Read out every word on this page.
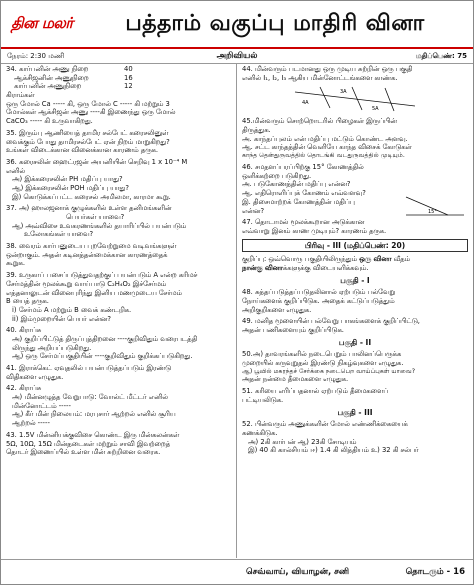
தின மலர்	பத்தாம் வகுப்பு மாதிரி வினா
நேரம்: 2:30 மணி	அறிவியல்	மதிப்பெண்: 75
34. கார்பனின் அணு நிறை	40
ஆக்சிஜனின் அணுநிறை	16
கார்பனின் அணுநிறை	12
கிராம்கள்
ஒரு மோல் Ca ----- கி, ஒரு மோல் C ----- கி மற்றும் 3
மோல்கள் ஆக்சிஜன் அணு ----கி இணைந்து ஒரு மோல்
CaCO₃ ----- கி உருவாகிறது.
35. இரும்பு ஆணியைத் தாமிர சல்பேட் கரைசலினுள்
வைக்கும் போது தாமிரசல்பேட் ஏன் நிறம் மாறுகிறது?
உங்கள் விடைக்கான வினைக்கான காரணம் தருக.
36. கரைசலின் ஹைட்ரஜன் அயனியின் செறிவு 1 x 10⁻⁴ M
எனில்
அ) இக்கரைசலின் PH மதிப்பு யாது?
ஆ) இக்கரைசலின் POH மதிப்பு யாது?
இ) கொடுக்கப்பட்ட கரைசல் அமிலமா, காரமா கூறு.
37. அ) ஹாலஜனாக் குழுக்களில் உள்ள தனிமங்களின்
பெயர்கள் யாவை?
ஆ) அவ்விசை உவகரணங்களில் தயாரிப்பில் பயன்படும்
உலோகங்கள் யாவை?
38. வைரம் கார்பனுடைய புறவேற்றுமை வடிவங்களுள்
ஒன்றாகும். அதன் கடினத்தன்மைக்கான காரணத்தைக்
கூறுக.
39. உருகாப் பசைப்படுத்துவதற்குப் பயன்படும் A என்ற கரிமச்
சேர்மத்தின் மூலக்கூறு வாய்பாடு C₂H₄O₂ இச்சேர்மம்
எத்தனாலுடன் வினைபுரிந்து இனிய மணமுடைய சேர்மம்
B யைத் தருக.
i) சேர்மம் A மற்றும் B வைக் கண்டறிக.
ii) இம்முறையின் பெயர் என்ன?
40. கிராப்சு
அ) குறிப்பிட்டுத் திருப்புத்திறனை ----குறிவிதும் வரைபடத்தி
லிருந்து அறியப்படுகிறது.
ஆ) ஒரு சேர்மப்பகுதியின் ----குறிவிதும் குறிக்கப்படுகிறது.
41. இராக்கெட் ஏவுதலில் பயன்படுத்தப்படும் இரண்டு
விதிகளை எழுதுக.
42. கிராப்சு
அ) மின்னழுத்த வேறுபாடு: வோல்ட் மீட்டர் எனில்
மின்னோட்டம் -----
ஆ) கீர் மின் நிலையம்: மரபுசார் ஆற்றல் எனில் சூரிய
ஆற்றல் -----
43. 1.5V மின்னியக்குவிசை கொண்ட இரு மின்கலன்கள்
5Ω, 10Ω, 15Ω மின்தடைகள் மற்றும் சாவி இவற்றைத்
தொடர் இணைப்பில் உள்ள மின் சுற்றினை வரைக.
44. மின்வரும் படமானது ஒரு முடிய சுற்றின் ஒரு பகுதி
எனில் I₁, I₂, I₃ ஆகிய மின்னோட்டங்களை காண்க.
4A
3A
5A
45.மின்வரும் சொற்றொடரில் பிழைகள் இருப்பின்
திருத்துக.
அ. காந்தப்புலம் என் மதிப்பு மட்டும் கொண்ட அளவு.
ஆ. சட்ட காந்தத்தின் வெளியே காந்த விசைக் கோடுகள்
காந்த தென்துருவத்தில் தொடங்கி வடதுருவத்தில் முடியும்.
46. சமதளப்பரப்பிற்கு 15° கோணத்தில்
ஒளிக்கற்றை படுகிறது.
அ. படுகோணத்தின் மதிப்பு என்ன?
ஆ. எதிரொளிப்புக் கோணம் எவ்வளவு?
இ. திசைமாற்றக் கோணத்தின் மதிப்பு
என்ன?	15°
47. தொடாமல் மூலக்கூறான அடுக்கான
எவ்வாறு இனம் காண முடியும்? காரணம் தருக.
பிரிவு - III (மதிப்பெண்: 20)
குறிப்பு: ஒவ்வொரு பகுதியிலிருந்தும் ஒரு வினா வீதம்
நான்கு வினாக்களுக்கு விடையளிக்கவும்.
பகுதி - I
48. சுத்தப்படுத்தப்படுதலினால் ஏற்படும் பல்வேறு
நோய்களைக் குறிப்பிடுக. அதைக் கட்டுப்படுத்தும்
அறிகுறிகளை எழுதுக.
49. மனித மூளையின் பல்வேறு பாகங்களைக் குறிப்பிட்டு,
அதன் பணிகளையும் குறிப்பிடுக.
பகுதி - II
50.அ) தாவரங்களில் நடைபெறும் பாலினப்பெருக்க
முறையில் கருவுறுதல் இரண்டு நிகழ்வுகளை எழுதுக.
ஆ) பூவில் மகரந்தச் சேர்க்கை நடைபெற வாய்ப்புகள் யாவை?
அதன் நன்மை தீமைகளை எழுதுக.
51. கரியை எரிப்பதனால் ஏற்படும் தீமைகளைப்
பட்டியலிடுக.
பகுதி - III
52. பின்வரும் அணுக்களின் மோல் எண்ணிக்கையைக்
கணக்கிடுக.
அ) 2கி கார்பன் ஆ) 23கி சோடியம்
இ) 40 கி கால்சியம் ஈ) 1.4 கி லித்தியம் உ) 32 கி சல்பர்
செவ்வாய், வியாழன், சனி	தொடரும் - 16
